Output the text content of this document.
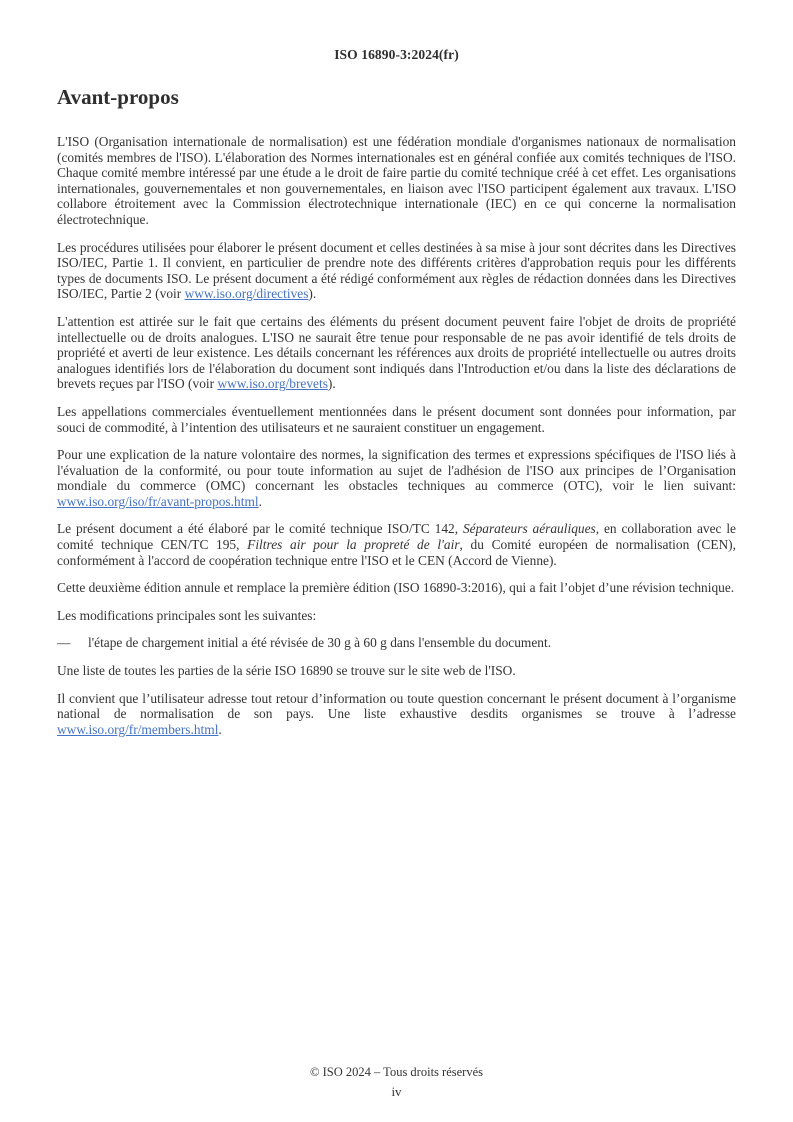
ISO 16890-3:2024(fr)
Avant-propos

L'ISO (Organisation internationale de normalisation) est une fédération mondiale d'organismes nationaux de normalisation (comités membres de l'ISO). L'élaboration des Normes internationales est en général confiée aux comités techniques de l'ISO. Chaque comité membre intéressé par une étude a le droit de faire partie du comité technique créé à cet effet. Les organisations internationales, gouvernementales et non gouvernementales, en liaison avec l'ISO participent également aux travaux. L'ISO collabore étroitement avec la Commission électrotechnique internationale (IEC) en ce qui concerne la normalisation électrotechnique.

Les procédures utilisées pour élaborer le présent document et celles destinées à sa mise à jour sont décrites dans les Directives ISO/IEC, Partie 1. Il convient, en particulier de prendre note des différents critères d'approbation requis pour les différents types de documents ISO. Le présent document a été rédigé conformément aux règles de rédaction données dans les Directives ISO/IEC, Partie 2 (voir www.iso.org/directives).

L'attention est attirée sur le fait que certains des éléments du présent document peuvent faire l'objet de droits de propriété intellectuelle ou de droits analogues. L'ISO ne saurait être tenue pour responsable de ne pas avoir identifié de tels droits de propriété et averti de leur existence. Les détails concernant les références aux droits de propriété intellectuelle ou autres droits analogues identifiés lors de l'élaboration du document sont indiqués dans l'Introduction et/ou dans la liste des déclarations de brevets reçues par l'ISO (voir www.iso.org/brevets).

Les appellations commerciales éventuellement mentionnées dans le présent document sont données pour information, par souci de commodité, à l’intention des utilisateurs et ne sauraient constituer un engagement.

Pour une explication de la nature volontaire des normes, la signification des termes et expressions spécifiques de l'ISO liés à l'évaluation de la conformité, ou pour toute information au sujet de l'adhésion de l'ISO aux principes de l’Organisation mondiale du commerce (OMC) concernant les obstacles techniques au commerce (OTC), voir le lien suivant: www.iso.org/iso/fr/avant-propos.html.

Le présent document a été élaboré par le comité technique ISO/TC 142, Séparateurs aérauliques, en collaboration avec le comité technique CEN/TC 195, Filtres air pour la propreté de l'air, du Comité européen de normalisation (CEN), conformément à l'accord de coopération technique entre l'ISO et le CEN (Accord de Vienne).

Cette deuxième édition annule et remplace la première édition (ISO 16890-3:2016), qui a fait l’objet d’une révision technique.

Les modifications principales sont les suivantes:

— l'étape de chargement initial a été révisée de 30 g à 60 g dans l'ensemble du document.

Une liste de toutes les parties de la série ISO 16890 se trouve sur le site web de l'ISO.

Il convient que l’utilisateur adresse tout retour d’information ou toute question concernant le présent document à l’organisme national de normalisation de son pays. Une liste exhaustive desdits organismes se trouve à l’adresse www.iso.org/fr/members.html.

© ISO 2024 – Tous droits réservés
iv
